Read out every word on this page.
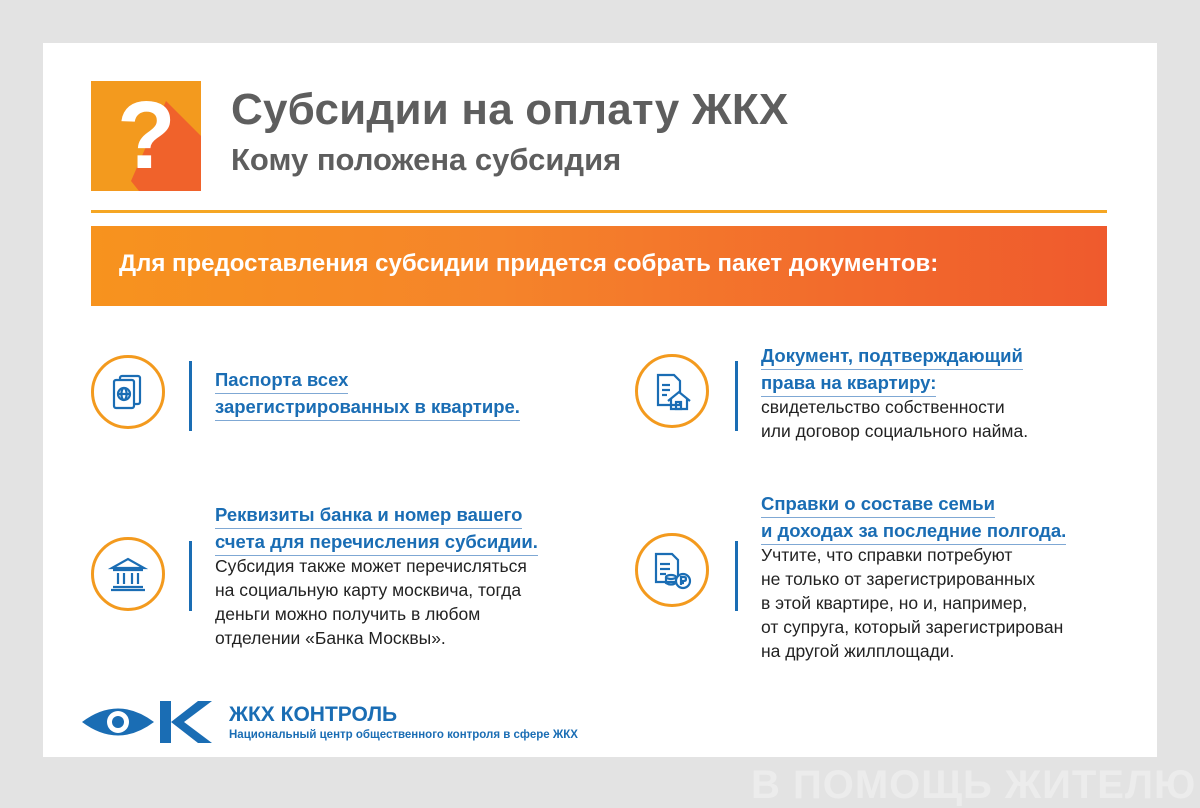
? Субсидии на оплату ЖКХ
Кому положена субсидия
Для предоставления субсидии придется собрать пакет документов:
Паспорта всех
зарегистрированных в квартире.
Документ, подтверждающий
права на квартиру:

свидетельство собственности
или договор социального найма.

Реквизиты банка и номер вашего
счета для перечисления субсидии.

Субсидия также может перечисляться
на социальную карту москвича, тогда
деньги можно получить в любом
отделении «Банка Москвы».

Справки о составе семьи
и доходах за последние полгода.

Учтите, что справки потребуют
не только от зарегистрированных
в этой квартире, но и, например,
от супруга, который зарегистрирован
на другой жилплощади.

ЖКХ КОНТРОЛЬ
Национальный центр общественного контроля в сфере ЖКХ
В ПОМОЩЬ ЖИТЕЛЮ
